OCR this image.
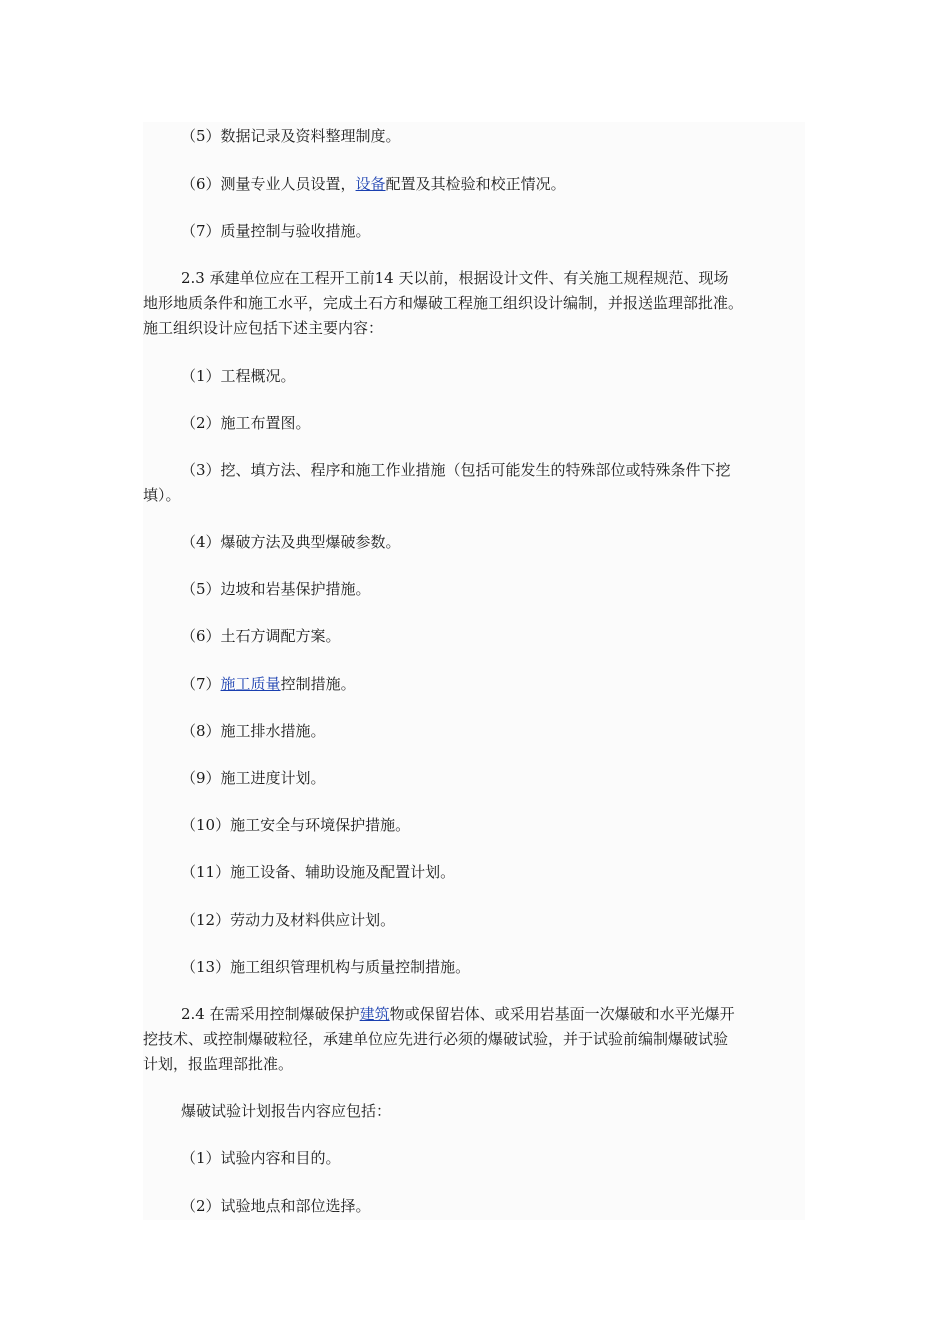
（5）数据记录及资料整理制度。

（6）测量专业人员设置，设备配置及其检验和校正情况。

（7）质量控制与验收措施。

2.3 承建单位应在工程开工前14 天以前，根据设计文件、有关施工规程规范、现场

地形地质条件和施工水平，完成土石方和爆破工程施工组织设计编制，并报送监理部批准。

施工组织设计应包括下述主要内容：

（1）工程概况。

（2）施工布置图。

（3）挖、填方法、程序和施工作业措施（包括可能发生的特殊部位或特殊条件下挖

填）。

（4）爆破方法及典型爆破参数。

（5）边坡和岩基保护措施。

（6）土石方调配方案。

（7）施工质量控制措施。

（8）施工排水措施。

（9）施工进度计划。

（10）施工安全与环境保护措施。

（11）施工设备、辅助设施及配置计划。

（12）劳动力及材料供应计划。

（13）施工组织管理机构与质量控制措施。

2.4 在需采用控制爆破保护建筑物或保留岩体、或采用岩基面一次爆破和水平光爆开

挖技术、或控制爆破粒径，承建单位应先进行必须的爆破试验，并于试验前编制爆破试验

计划，报监理部批准。

爆破试验计划报告内容应包括：

（1）试验内容和目的。

（2）试验地点和部位选择。
